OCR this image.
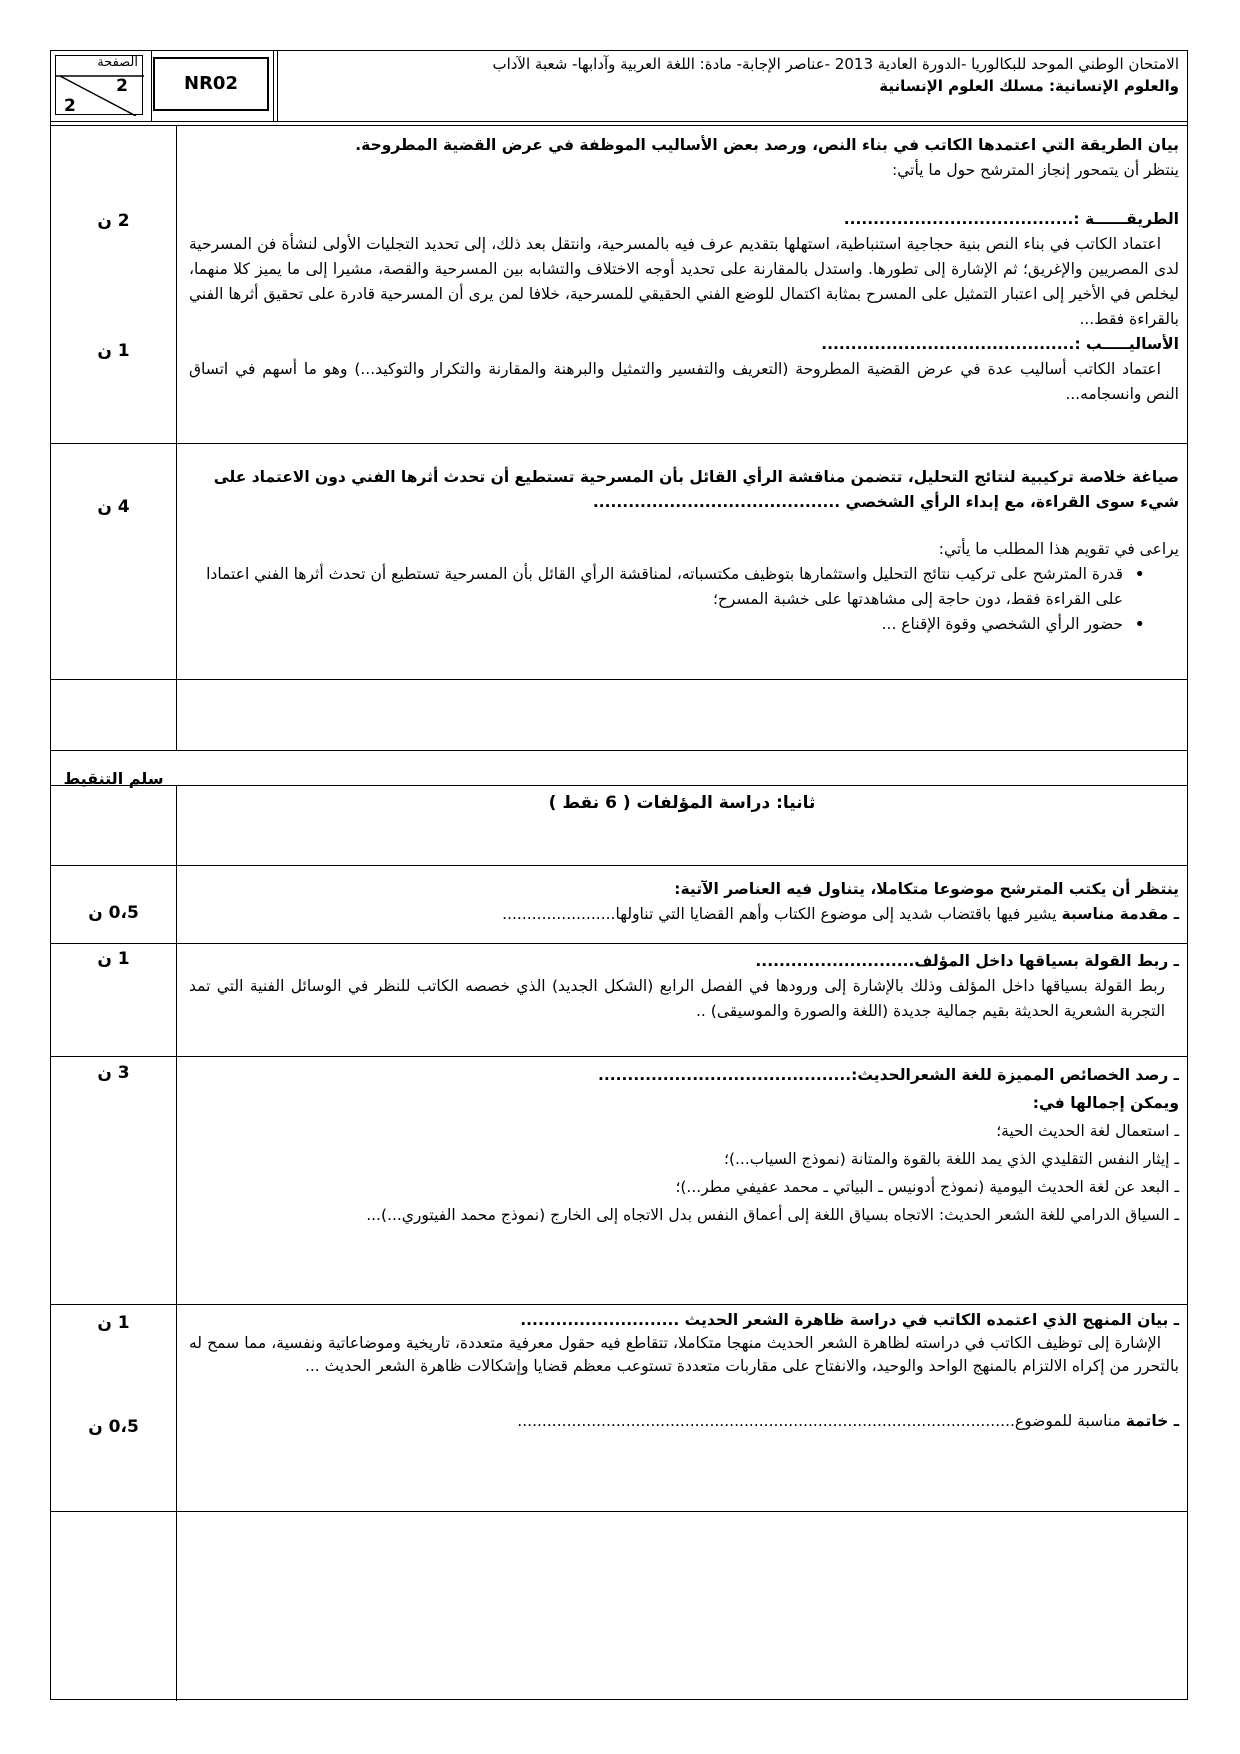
الصفحة
2
2
NR02
الامتحان الوطني الموحد للبكالوريا -الدورة العادية 2013 -عناصر الإجابة- مادة: اللغة العربية وآدابها- شعبة الآداب
والعلوم الإنسانية: مسلك العلوم الإنسانية
بيان الطريقة التي اعتمدها الكاتب في بناء النص، ورصد بعض الأساليب الموظفة في عرض القضية المطروحة.
ينتظر أن يتمحور إنجاز المترشح حول ما يأتي:
الطريقــــــة :.......................................
اعتماد الكاتب في بناء النص بنية حجاجية استنباطية، استهلها بتقديم عرف فيه بالمسرحية، وانتقل بعد ذلك، إلى تحديد التجليات الأولى لنشأة فن المسرحية لدى المصريين والإغريق؛ ثم الإشارة إلى تطورها. واستدل بالمقارنة على تحديد أوجه الاختلاف والتشابه بين المسرحية والقصة، مشيرا إلى ما يميز كلا منهما، ليخلص في الأخير إلى اعتبار التمثيل على المسرح بمثابة اكتمال للوضع الفني الحقيقي للمسرحية، خلافا لمن يرى أن المسرحية قادرة على تحقيق أثرها الفني بالقراءة فقط...
الأساليـــــب :...........................................
اعتماد الكاتب أساليب عدة في عرض القضية المطروحة (التعريف والتفسير والتمثيل والبرهنة والمقارنة والتكرار والتوكيد...) وهو ما أسهم في اتساق النص وانسجامه...
2 ن
1 ن
صياغة خلاصة تركيبية لنتائج التحليل، تتضمن مناقشة الرأي القائل بأن المسرحية تستطيع أن تحدث أثرها الفني دون الاعتماد على شيء سوى القراءة، مع إبداء الرأي الشخصي ..........................................
يراعى في تقويم هذا المطلب ما يأتي:
• قدرة المترشح على تركيب نتائج التحليل واستثمارها بتوظيف مكتسباته، لمناقشة الرأي القائل بأن المسرحية تستطيع أن تحدث أثرها الفني اعتمادا على القراءة فقط، دون حاجة إلى مشاهدتها على خشبة المسرح؛
• حضور الرأي الشخصي وقوة الإقناع ...
4 ن
سلم التنقيط
ثانيا: دراسة المؤلفات ( 6 نقط )
ينتظر أن يكتب المترشح موضوعا متكاملا، يتناول فيه العناصر الآتية:
ـ مقدمة مناسبة يشير فيها باقتضاب شديد إلى موضوع الكتاب وأهم القضايا التي تناولها.......................
0،5 ن
ـ ربط القولة بسياقها داخل المؤلف...........................
ربط القولة بسياقها داخل المؤلف وذلك بالإشارة إلى ورودها في الفصل الرابع (الشكل الجديد) الذي خصصه الكاتب للنظر في الوسائل الفنية التي تمد التجربة الشعرية الحديثة بقيم جمالية جديدة (اللغة والصورة والموسيقى) ..
1 ن
ـ رصد الخصائص المميزة للغة الشعرالحديث:...........................................
ويمكن إجمالها في:
ـ استعمال لغة الحديث الحية؛
ـ إيثار النفس التقليدي الذي يمد اللغة بالقوة والمتانة (نموذج السياب...)؛
ـ البعد عن لغة الحديث اليومية (نموذج أدونيس ـ البياتي ـ محمد عفيفي مطر...)؛
ـ السياق الدرامي للغة الشعر الحديث: الاتجاه بسياق اللغة إلى أعماق النفس بدل الاتجاه إلى الخارج (نموذج محمد الفيتوري...)...
3 ن
ـ بيان المنهج الذي اعتمده الكاتب في دراسة ظاهرة الشعر الحديث ...........................
الإشارة إلى توظيف الكاتب في دراسته لظاهرة الشعر الحديث منهجا متكاملا، تتقاطع فيه حقول معرفية متعددة، تاريخية وموضاعاتية ونفسية، مما سمح له بالتحرر من إكراه الالتزام بالمنهج الواحد والوحيد، والانفتاح على مقاربات متعددة تستوعب معظم قضايا وإشكالات ظاهرة الشعر الحديث ...
ـ خاتمة مناسبة للموضوع.....................................................................................................
1 ن
0،5 ن
